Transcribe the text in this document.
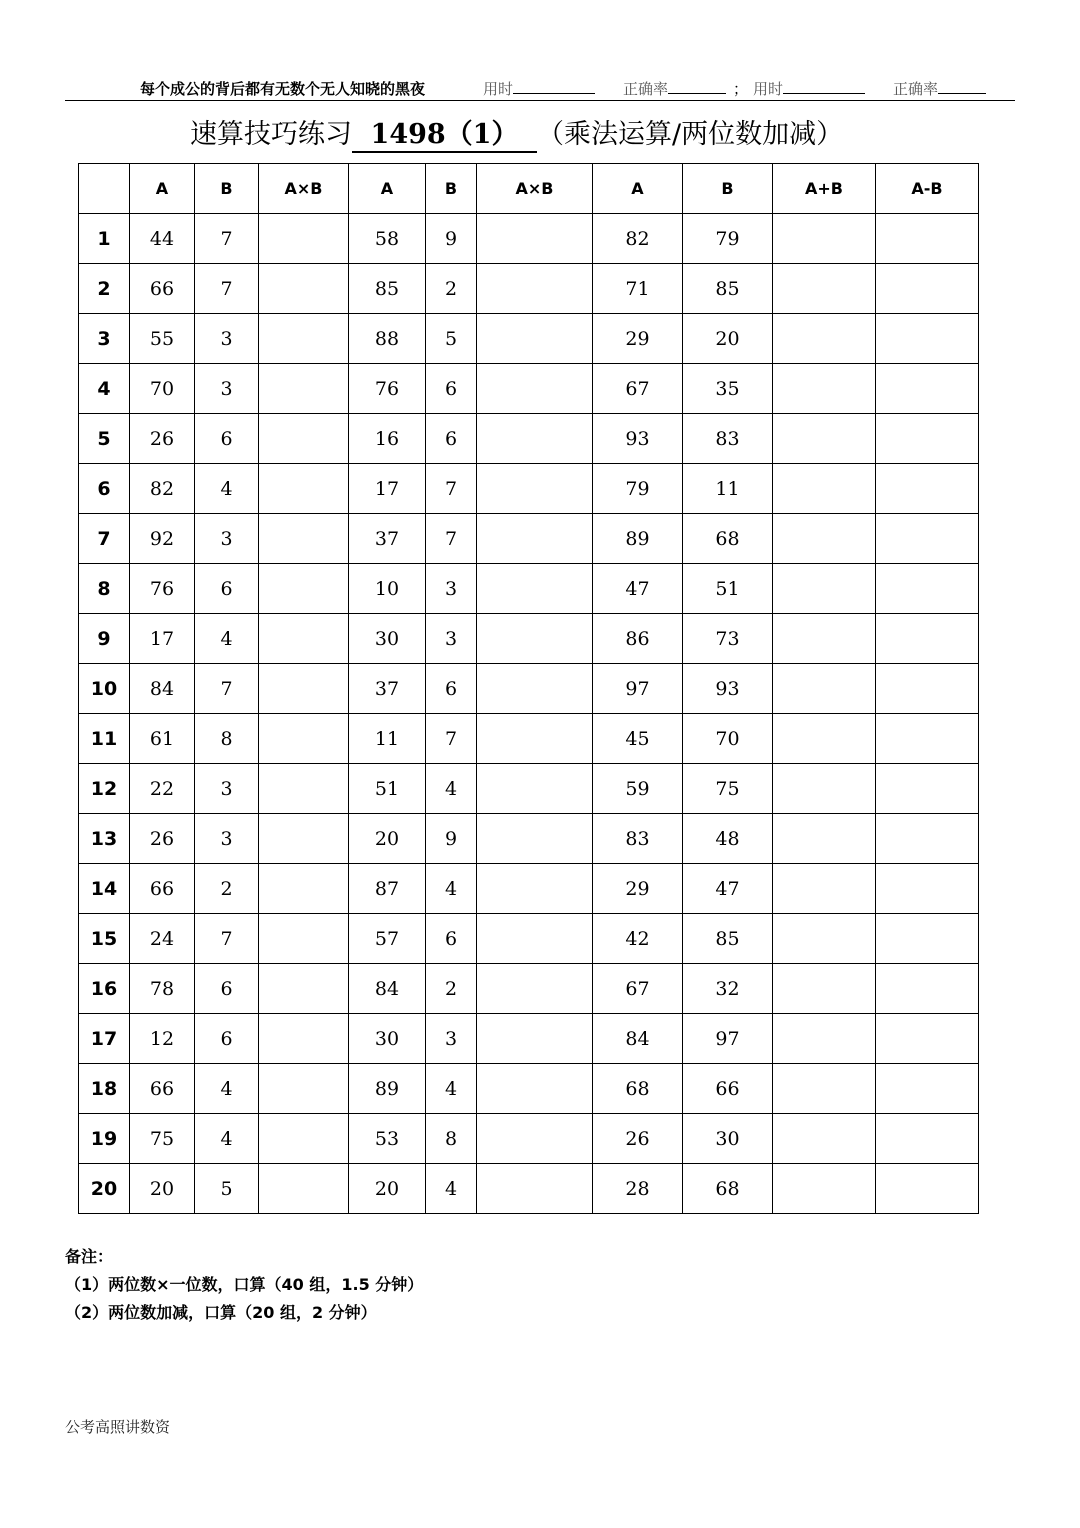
每个成公的背后都有无数个无人知晓的黑夜	用时	正确率	； 用时	正确率
速算技巧练习 1498（1） （乘法运算/两位数加减）
	A	B	A×B	A	B	A×B	A	B	A+B	A-B
1	44	7		58	9		82	79		
2	66	7		85	2		71	85		
3	55	3		88	5		29	20		
4	70	3		76	6		67	35		
5	26	6		16	6		93	83		
6	82	4		17	7		79	11		
7	92	3		37	7		89	68		
8	76	6		10	3		47	51		
9	17	4		30	3		86	73		
10	84	7		37	6		97	93		
11	61	8		11	7		45	70		
12	22	3		51	4		59	75		
13	26	3		20	9		83	48		
14	66	2		87	4		29	47		
15	24	7		57	6		42	85		
16	78	6		84	2		67	32		
17	12	6		30	3		84	97		
18	66	4		89	4		68	66		
19	75	4		53	8		26	30		
20	20	5		20	4		28	68		
备注：
（1）两位数×一位数，口算（40 组，1.5 分钟）
（2）两位数加减，口算（20 组，2 分钟）
公考高照讲数资
